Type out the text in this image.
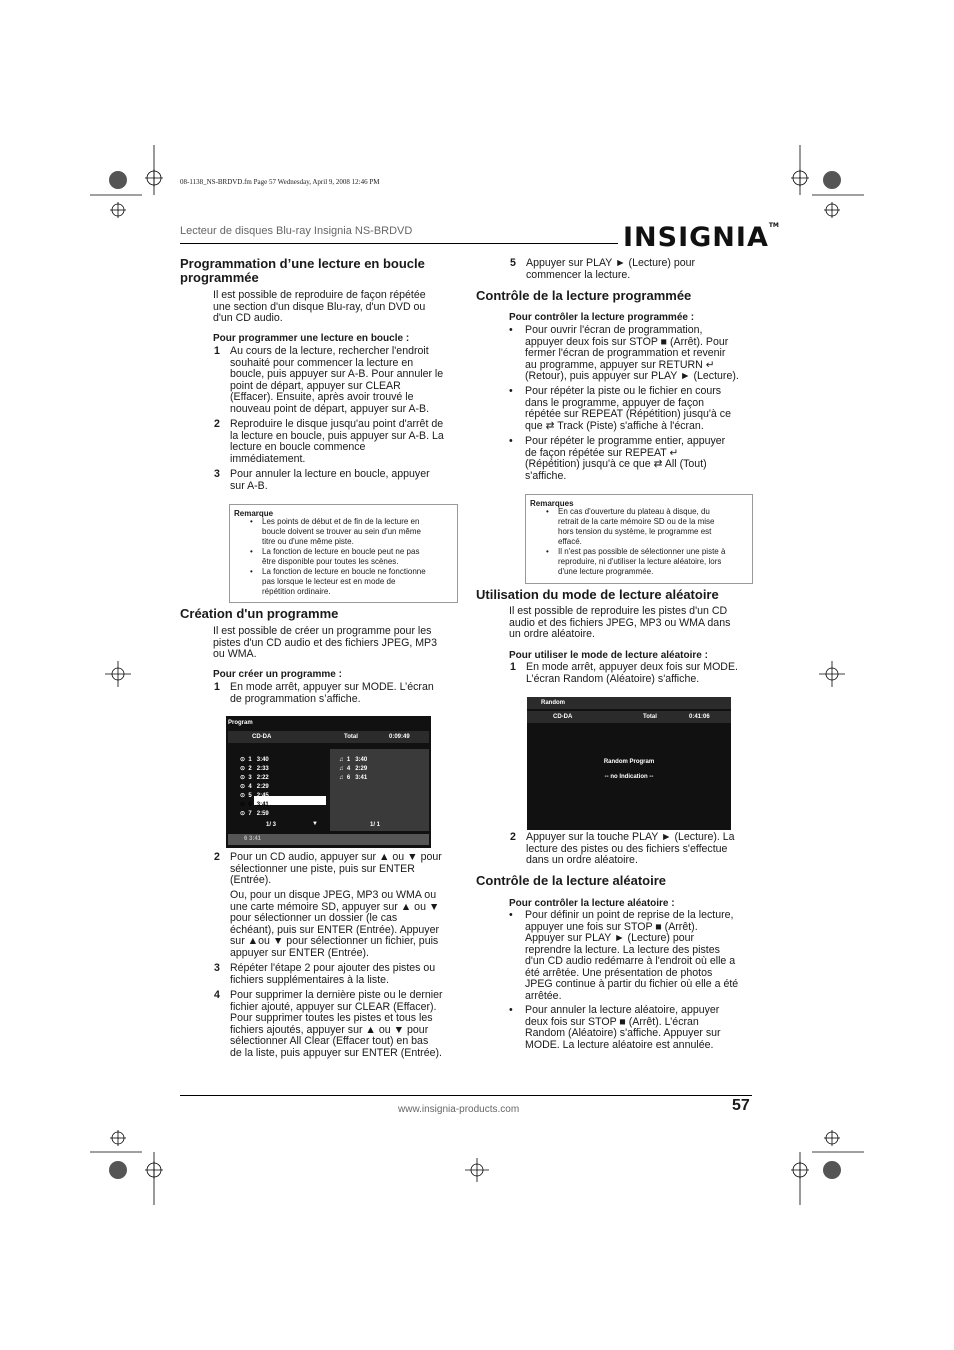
08-1138_NS-BRDVD.fm Page 57 Wednesday, April 9, 2008 12:46 PM
Lecteur de disques Blu-ray Insignia NS-BRDVD	INSIGNIA™
Programmation d’une lecture en boucle
programmée
Il est possible de reproduire de façon répétée
une section d'un disque Blu-ray, d'un DVD ou
d'un CD audio.
Pour programmer une lecture en boucle :
1 Au cours de la lecture, rechercher l'endroit
souhaité pour commencer la lecture en
boucle, puis appuyer sur A-B. Pour annuler le
point de départ, appuyer sur CLEAR
(Effacer). Ensuite, après avoir trouvé le
nouveau point de départ, appuyer sur A-B.
2 Reproduire le disque jusqu'au point d'arrêt de
la lecture en boucle, puis appuyer sur A-B. La
lecture en boucle commence
immédiatement.
3 Pour annuler la lecture en boucle, appuyer
sur A-B.
Remarque
• Les points de début et de fin de la lecture en
boucle doivent se trouver au sein d'un même
titre ou d'une même piste.
• La fonction de lecture en boucle peut ne pas
être disponible pour toutes les scènes.
• La fonction de lecture en boucle ne fonctionne
pas lorsque le lecteur est en mode de
répétition ordinaire.
Création d'un programme
Il est possible de créer un programme pour les
pistes d'un CD audio et des fichiers JPEG, MP3
ou WMA.
Pour créer un programme :
1 En mode arrêt, appuyer sur MODE. L’écran
de programmation s’affiche.
Program
CD-DA	Total	0:09:49
⊙  1 3:40
⊙  2 2:33
⊙  3 2:22
⊙  4 2:29
⊙  5 2:45
⊙  6 3:41
⊙  7 2:59
♫  1 3:40
♫  4 2:29
♫  6 3:41
1/ 3	▼	1/ 1
6 3:41
2 Pour un CD audio, appuyer sur ▲ ou ▼ pour
sélectionner une piste, puis sur ENTER
(Entrée).
Ou, pour un disque JPEG, MP3 ou WMA ou
une carte mémoire SD, appuyer sur ▲ ou ▼
pour sélectionner un dossier (le cas
échéant), puis sur ENTER (Entrée). Appuyer
sur ▲ou ▼ pour sélectionner un fichier, puis
appuyer sur ENTER (Entrée).
3 Répéter l'étape 2 pour ajouter des pistes ou
fichiers supplémentaires à la liste.
4 Pour supprimer la dernière piste ou le dernier
fichier ajouté, appuyer sur CLEAR (Effacer).
Pour supprimer toutes les pistes et tous les
fichiers ajoutés, appuyer sur ▲ ou ▼ pour
sélectionner All Clear (Effacer tout) en bas
de la liste, puis appuyer sur ENTER (Entrée).
5 Appuyer sur PLAY ► (Lecture) pour
commencer la lecture.
Contrôle de la lecture programmée
Pour contrôler la lecture programmée :
• Pour ouvrir l'écran de programmation,
appuyer deux fois sur STOP ■ (Arrêt). Pour
fermer l'écran de programmation et revenir
au programme, appuyer sur RETURN ↵
(Retour), puis appuyer sur PLAY ► (Lecture).
• Pour répéter la piste ou le fichier en cours
dans le programme, appuyer de façon
répétée sur REPEAT (Répétition) jusqu'à ce
que ⇄ Track (Piste) s'affiche à l'écran.
• Pour répéter le programme entier, appuyer
de façon répétée sur REPEAT ↵
(Répétition) jusqu'à ce que ⇄ All (Tout)
s'affiche.
Remarques
• En cas d'ouverture du plateau à disque, du
retrait de la carte mémoire SD ou de la mise
hors tension du système, le programme est
effacé.
• Il n'est pas possible de sélectionner une piste à
reproduire, ni d'utiliser la lecture aléatoire, lors
d'une lecture programmée.
Utilisation du mode de lecture aléatoire
Il est possible de reproduire les pistes d'un CD
audio et des fichiers JPEG, MP3 ou WMA dans
un ordre aléatoire.
Pour utiliser le mode de lecture aléatoire :
1 En mode arrêt, appuyer deux fois sur MODE.
L’écran Random (Aléatoire) s'affiche.
Random
CD-DA	Total	0:41:06
Random Program
-- no Indication --
2 Appuyer sur la touche PLAY ► (Lecture). La
lecture des pistes ou des fichiers s'effectue
dans un ordre aléatoire.
Contrôle de la lecture aléatoire
Pour contrôler la lecture aléatoire :
• Pour définir un point de reprise de la lecture,
appuyer une fois sur STOP ■ (Arrêt).
Appuyer sur PLAY ► (Lecture) pour
reprendre la lecture. La lecture des pistes
d'un CD audio redémarre à l'endroit où elle a
été arrêtée. Une présentation de photos
JPEG continue à partir du fichier où elle a été
arrêtée.
• Pour annuler la lecture aléatoire, appuyer
deux fois sur STOP ■ (Arrêt). L’écran
Random (Aléatoire) s'affiche. Appuyer sur
MODE. La lecture aléatoire est annulée.
www.insignia-products.com	57
